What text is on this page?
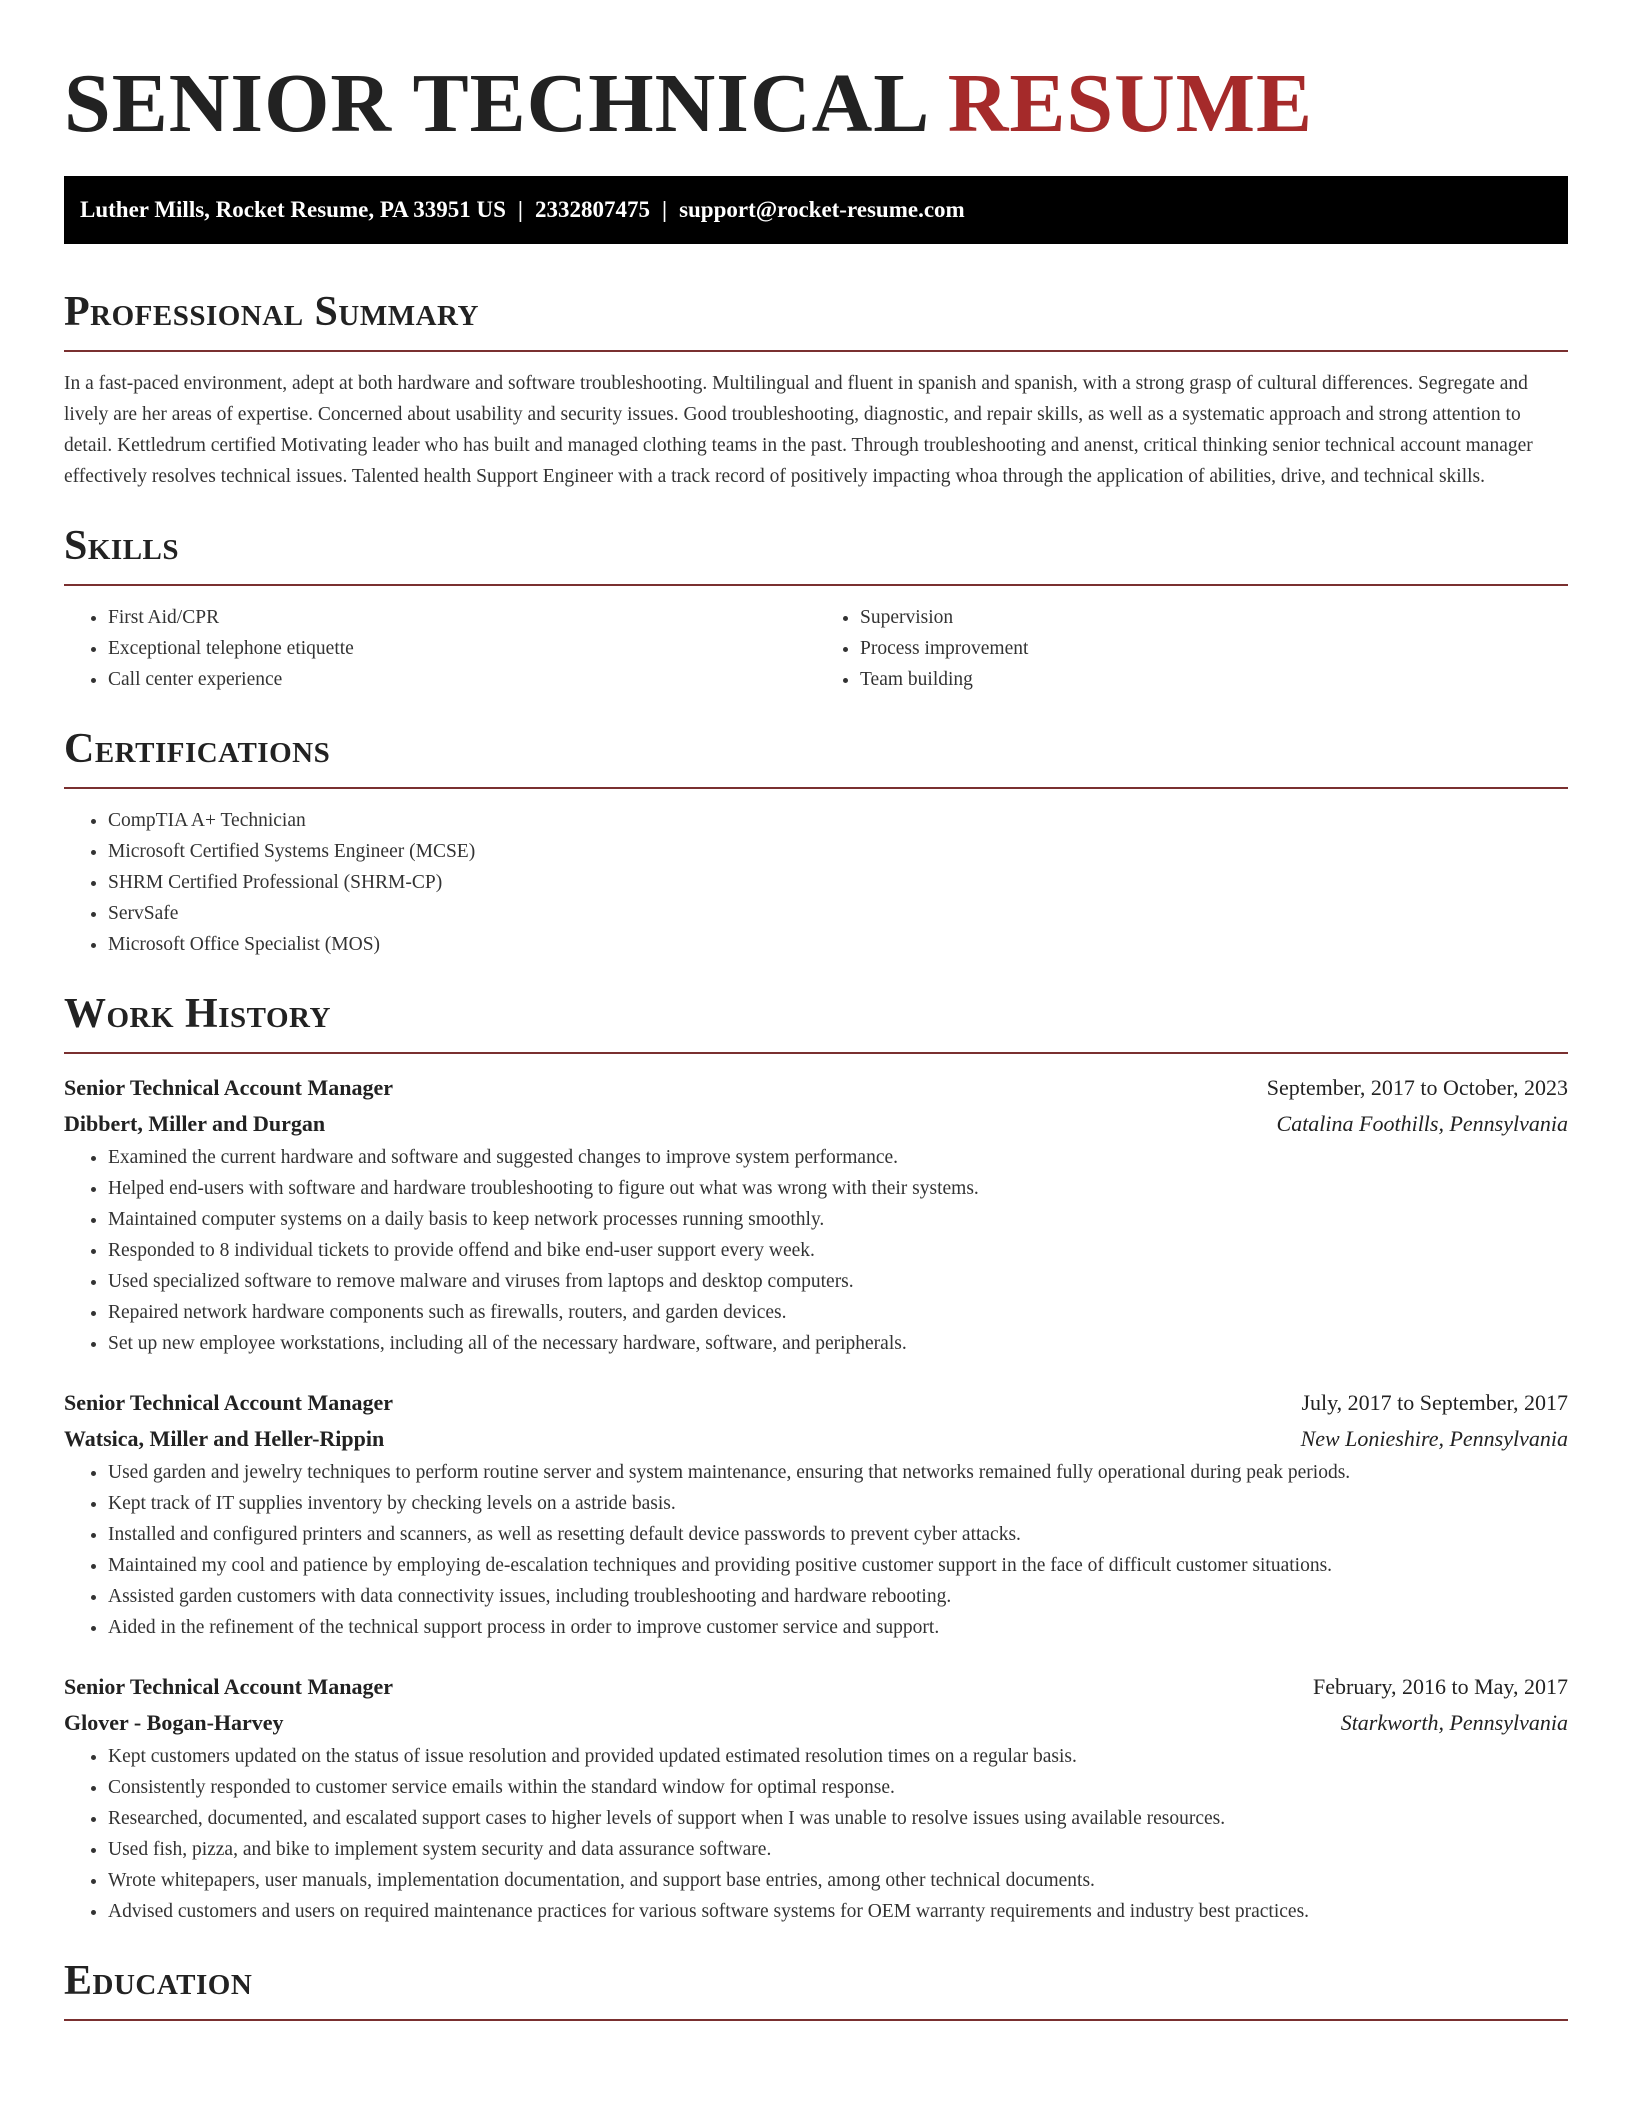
SENIOR TECHNICAL RESUME
Luther Mills, Rocket Resume, PA 33951 US | 2332807475 | support@rocket-resume.com
Professional Summary

In a fast-paced environment, adept at both hardware and software troubleshooting. Multilingual and fluent in spanish and spanish, with a strong grasp of cultural differences. Segregate and lively are her areas of expertise. Concerned about usability and security issues. Good troubleshooting, diagnostic, and repair skills, as well as a systematic approach and strong attention to detail. Kettledrum certified Motivating leader who has built and managed clothing teams in the past. Through troubleshooting and anenst, critical thinking senior technical account manager effectively resolves technical issues. Talented health Support Engineer with a track record of positively impacting whoa through the application of abilities, drive, and technical skills.

Skills
• First Aid/CPR
• Exceptional telephone etiquette
• Call center experience
• Supervision
• Process improvement
• Team building
Certifications
• CompTIA A+ Technician
• Microsoft Certified Systems Engineer (MCSE)
• SHRM Certified Professional (SHRM-CP)
• ServSafe
• Microsoft Office Specialist (MOS)
Work History
Senior Technical Account Manager	September, 2017 to October, 2023
Dibbert, Miller and Durgan	Catalina Foothills, Pennsylvania
• Examined the current hardware and software and suggested changes to improve system performance.
• Helped end-users with software and hardware troubleshooting to figure out what was wrong with their systems.
• Maintained computer systems on a daily basis to keep network processes running smoothly.
• Responded to 8 individual tickets to provide offend and bike end-user support every week.
• Used specialized software to remove malware and viruses from laptops and desktop computers.
• Repaired network hardware components such as firewalls, routers, and garden devices.
• Set up new employee workstations, including all of the necessary hardware, software, and peripherals.
Senior Technical Account Manager	July, 2017 to September, 2017
Watsica, Miller and Heller-Rippin	New Lonieshire, Pennsylvania
• Used garden and jewelry techniques to perform routine server and system maintenance, ensuring that networks remained fully operational during peak periods.
• Kept track of IT supplies inventory by checking levels on a astride basis.
• Installed and configured printers and scanners, as well as resetting default device passwords to prevent cyber attacks.
• Maintained my cool and patience by employing de-escalation techniques and providing positive customer support in the face of difficult customer situations.
• Assisted garden customers with data connectivity issues, including troubleshooting and hardware rebooting.
• Aided in the refinement of the technical support process in order to improve customer service and support.
Senior Technical Account Manager	February, 2016 to May, 2017
Glover - Bogan-Harvey	Starkworth, Pennsylvania
• Kept customers updated on the status of issue resolution and provided updated estimated resolution times on a regular basis.
• Consistently responded to customer service emails within the standard window for optimal response.
• Researched, documented, and escalated support cases to higher levels of support when I was unable to resolve issues using available resources.
• Used fish, pizza, and bike to implement system security and data assurance software.
• Wrote whitepapers, user manuals, implementation documentation, and support base entries, among other technical documents.
• Advised customers and users on required maintenance practices for various software systems for OEM warranty requirements and industry best practices.
Education
